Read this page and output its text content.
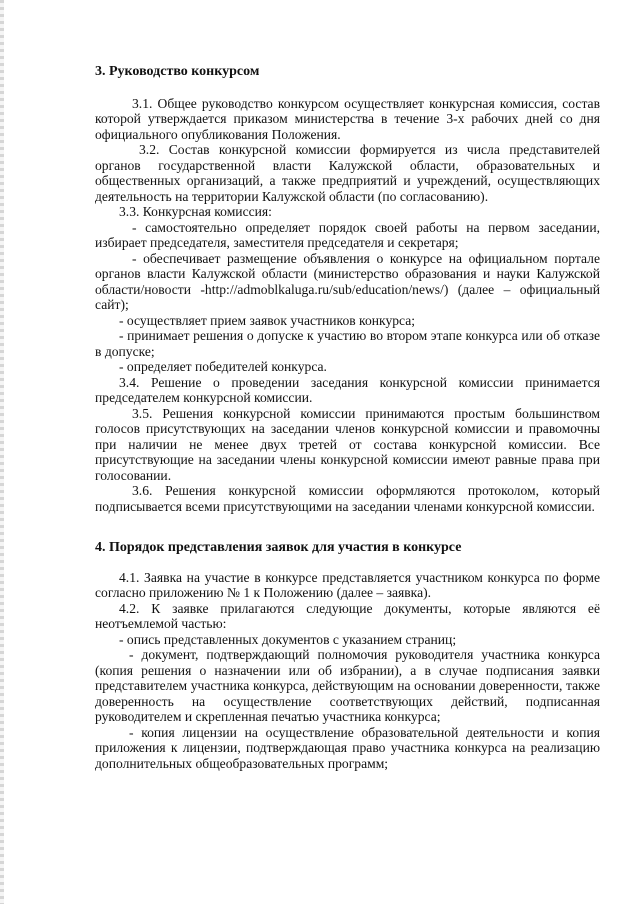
3. Руководство конкурсом

3.1. Общее руководство конкурсом осуществляет конкурсная комиссия, состав которой утверждается приказом министерства в течение 3-х рабочих дней со дня официального опубликования Положения.

3.2. Состав конкурсной комиссии формируется из числа представителей органов государственной власти Калужской области, образовательных и общественных организаций, а также предприятий и учреждений, осуществляющих деятельность на территории Калужской области (по согласованию).

3.3. Конкурсная комиссия:

- самостоятельно определяет порядок своей работы на первом заседании, избирает председателя, заместителя председателя и секретаря;

- обеспечивает размещение объявления о конкурсе на официальном портале органов власти Калужской области (министерство образования и науки Калужской области/новости -http://admoblkaluga.ru/sub/education/news/) (далее – официальный сайт);

- осуществляет прием заявок участников конкурса;

- принимает решения о допуске к участию во втором этапе конкурса или об отказе в допуске;

- определяет победителей конкурса.

3.4. Решение о проведении заседания конкурсной комиссии принимается председателем конкурсной комиссии.

3.5. Решения конкурсной комиссии принимаются простым большинством голосов присутствующих на заседании членов конкурсной комиссии и правомочны при наличии не менее двух третей от состава конкурсной комиссии. Все присутствующие на заседании члены конкурсной комиссии имеют равные права при голосовании.

3.6. Решения конкурсной комиссии оформляются протоколом, который подписывается всеми присутствующими на заседании членами конкурсной комиссии.

4. Порядок представления заявок для участия в конкурсе

4.1. Заявка на участие в конкурсе представляется участником конкурса по форме согласно приложению № 1 к Положению (далее – заявка).

4.2. К заявке прилагаются следующие документы, которые являются её неотъемлемой частью:

- опись представленных документов с указанием страниц;

- документ, подтверждающий полномочия руководителя участника конкурса (копия решения о назначении или об избрании), а в случае подписания заявки представителем участника конкурса, действующим на основании доверенности, также доверенность на осуществление соответствующих действий, подписанная руководителем и скрепленная печатью участника конкурса;

- копия лицензии на осуществление образовательной деятельности и копия приложения к лицензии, подтверждающая право участника конкурса на реализацию дополнительных общеобразовательных программ;
